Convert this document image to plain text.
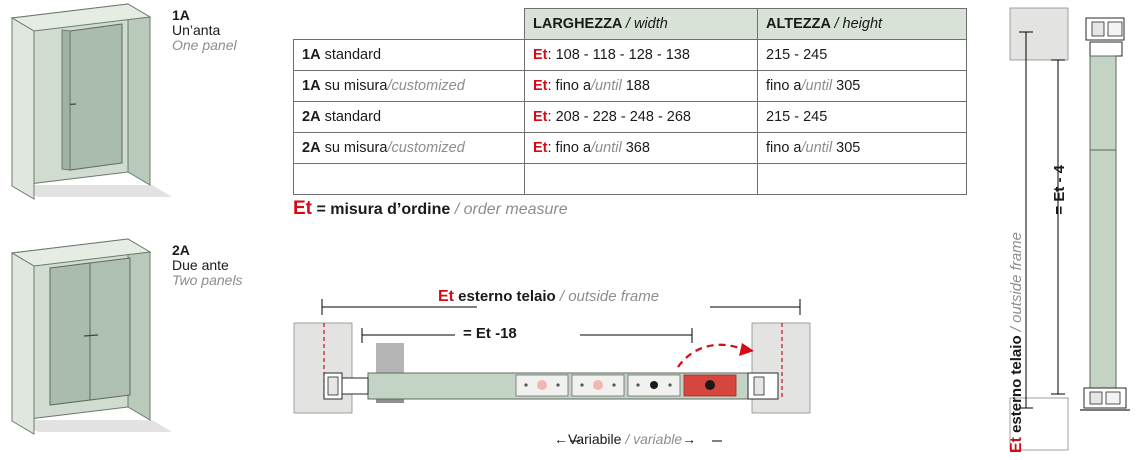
1A
Un’anta
One panel
2A
Due ante
Two panels
	LARGHEZZA / width	ALTEZZA / height
1A standard	Et: 108 - 118 - 128 - 138	215 - 245
1A su misura/customized	Et: fino a/until 188	fino a/until 305
2A standard	Et: 208 - 228 - 248 - 268	215 - 245
2A su misura/customized	Et: fino a/until 368	fino a/until 305

Et = misura d’ordine / order measure
Et esterno telaio / outside frame
= Et -18
←Variabile / variable→	Et esterno telaio / outside frame
= Et - 4
